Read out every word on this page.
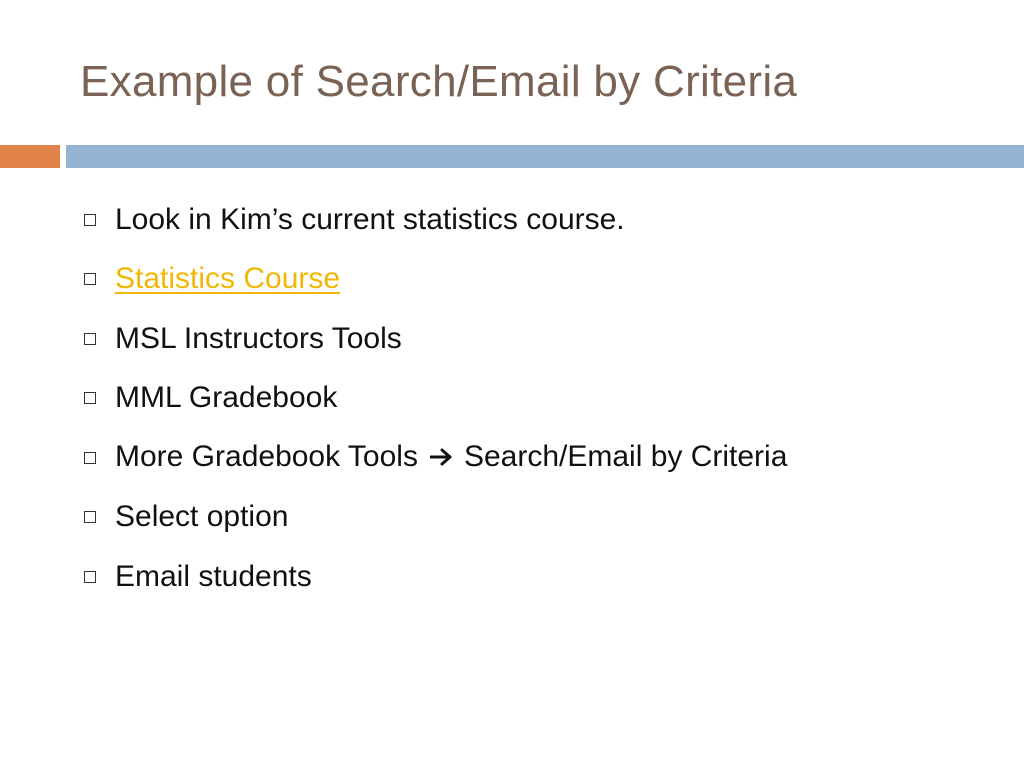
Example of Search/Email by Criteria
Look in Kim’s current statistics course.
Statistics Course
MSL Instructors Tools
MML Gradebook
More Gradebook Tools Search/Email by Criteria
Select option
Email students
